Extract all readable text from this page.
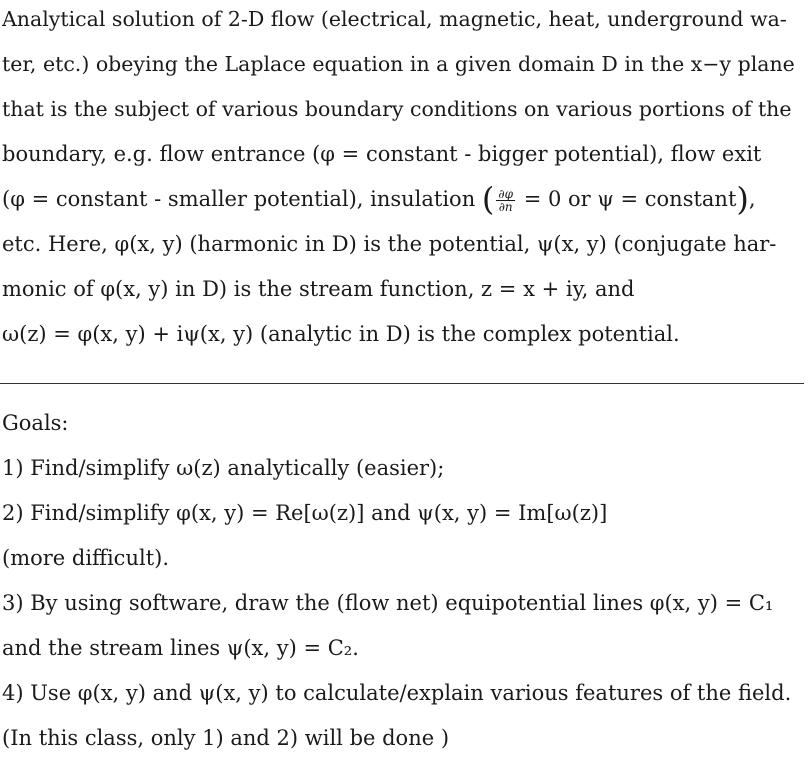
Analytical solution of 2-D flow (electrical, magnetic, heat, underground wa-
ter, etc.) obeying the Laplace equation in a given domain D in the x−y plane
that is the subject of various boundary conditions on various portions of the
boundary, e.g. flow entrance (φ = constant - bigger potential), flow exit
(φ = constant - smaller potential), insulation ( $\frac{\partial\varphi}{\partial n} = 0$ or ψ = constant),
etc. Here, φ(x, y) (harmonic in D) is the potential, ψ(x, y) (conjugate har-
monic of φ(x, y) in D) is the stream function, z = x + iy, and
ω(z) = φ(x, y) + iψ(x, y) (analytic in D) is the complex potential.
Goals:
1) Find/simplify ω(z) analytically (easier);
2) Find/simplify φ(x, y) = Re[ω(z)] and ψ(x, y) = Im[ω(z)]
(more difficult).
3) By using software, draw the (flow net) equipotential lines φ(x, y) = C₁
and the stream lines ψ(x, y) = C₂.
4) Use φ(x, y) and ψ(x, y) to calculate/explain various features of the field.
(In this class, only 1) and 2) will be done )
